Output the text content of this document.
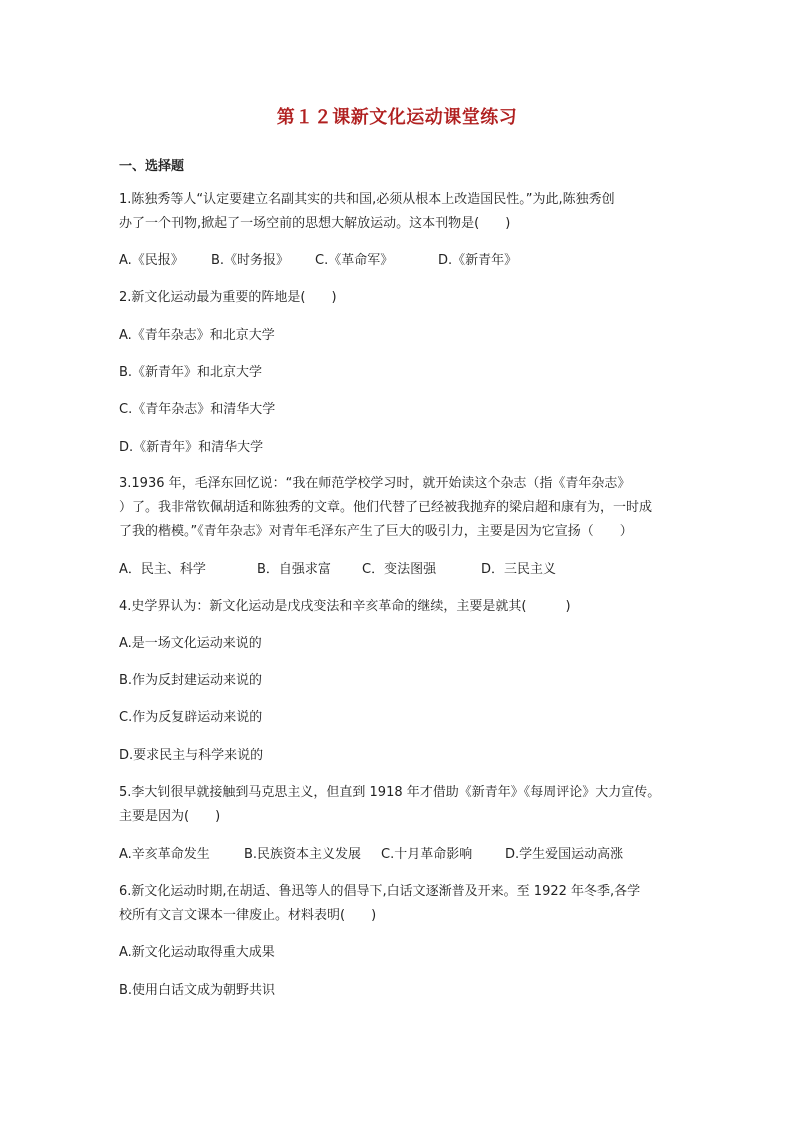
第１２课新文化运动课堂练习
一、选择题
1.陈独秀等人“认定要建立名副其实的共和国,必须从根本上改造国民性。”为此,陈独秀创
办了一个刊物,掀起了一场空前的思想大解放运动。这本刊物是(　　)
A.《民报》 B.《时务报》 C.《革命军》	D.《新青年》
2.新文化运动最为重要的阵地是(　　)
A.《青年杂志》和北京大学
B.《新青年》和北京大学
C.《青年杂志》和清华大学
D.《新青年》和清华大学
3.1936 年，毛泽东回忆说：“我在师范学校学习时，就开始读这个杂志（指《青年杂志》
）了。我非常钦佩胡适和陈独秀的文章。他们代替了已经被我抛弃的梁启超和康有为，一时成
了我的楷模。”《青年杂志》对青年毛泽东产生了巨大的吸引力，主要是因为它宣扬（　　）
A．民主、科学	B．自强求富 C．变法图强	D．三民主义
4.史学界认为：新文化运动是戊戌变法和辛亥革命的继续，主要是就其(　　　)
A.是一场文化运动来说的
B.作为反封建运动来说的
C.作为反复辟运动来说的
D.要求民主与科学来说的
5.李大钊很早就接触到马克思主义，但直到 1918 年才借助《新青年》《每周评论》大力宣传。
主要是因为(　　)
A.辛亥革命发生	B.民族资本主义发展 C.十月革命影响	D.学生爱国运动高涨
6.新文化运动时期,在胡适、鲁迅等人的倡导下,白话文逐渐普及开来。至 1922 年冬季,各学
校所有文言文课本一律废止。材料表明(　　)
A.新文化运动取得重大成果
B.使用白话文成为朝野共识
